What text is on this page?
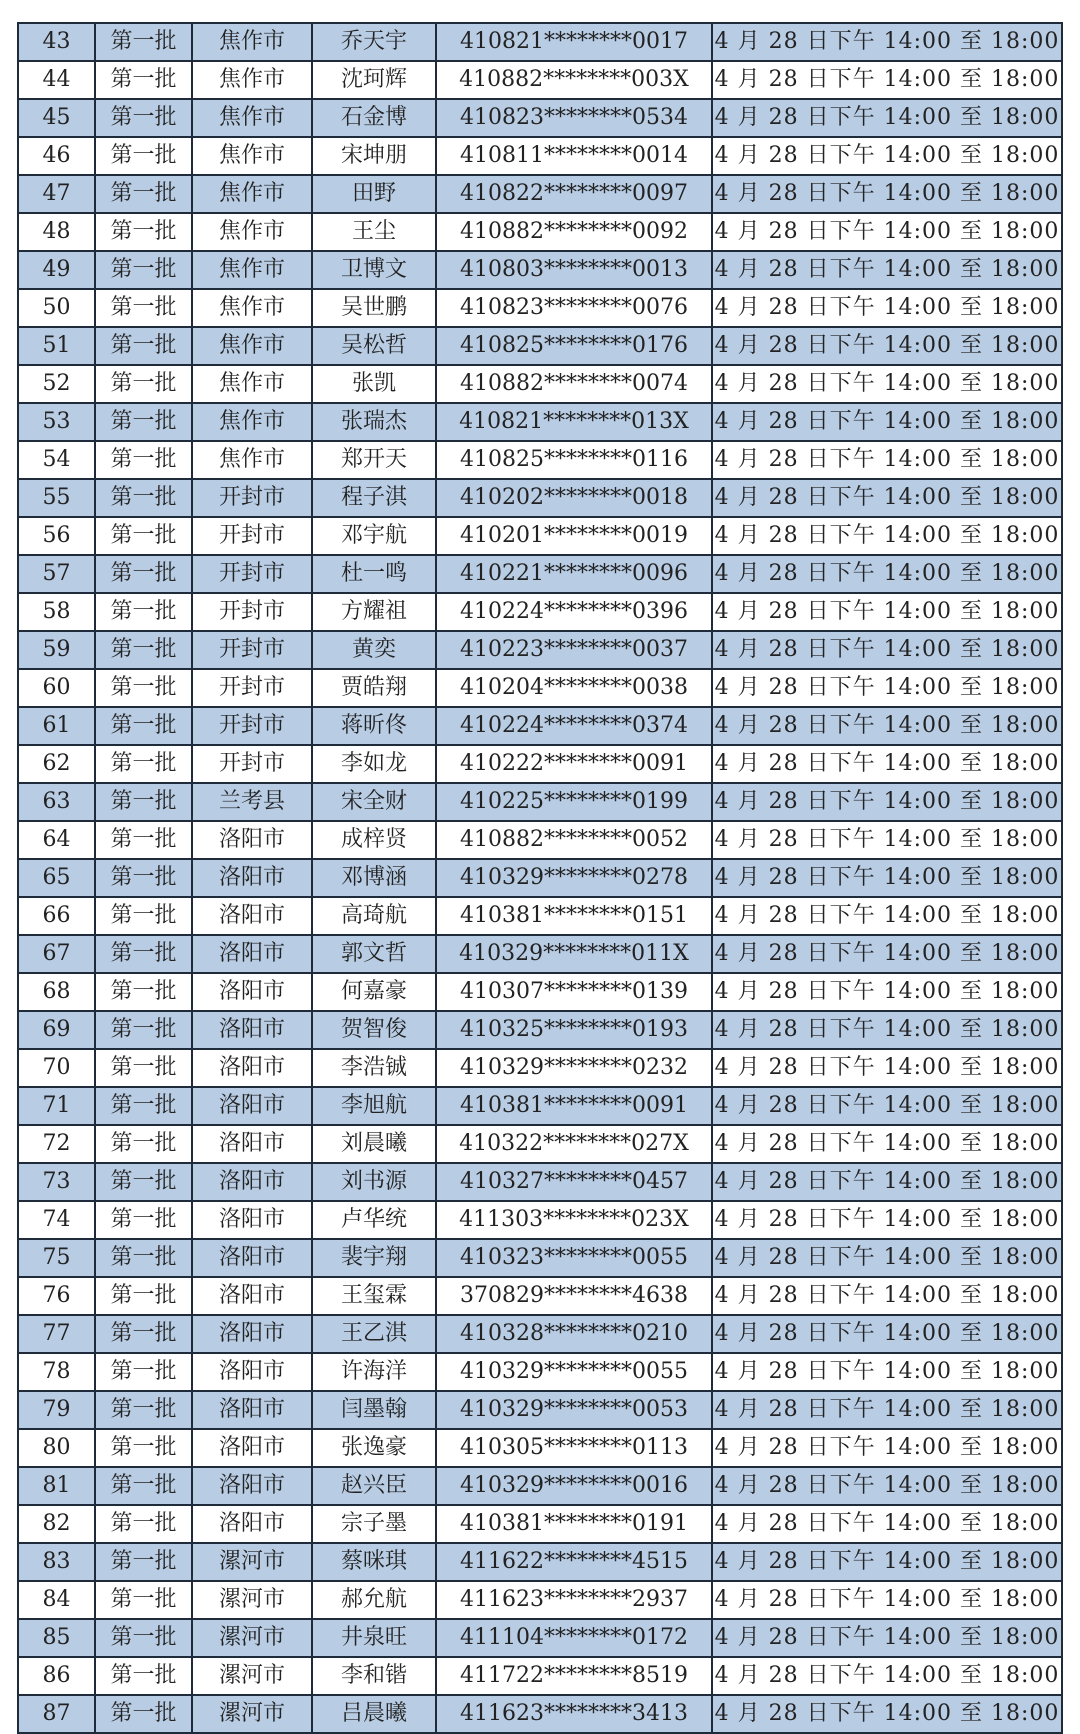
43	第一批	焦作市	乔天宇	410821********0017	4 月 28 日下午 14:00 至 18:00
44	第一批	焦作市	沈珂辉	410882********003X	4 月 28 日下午 14:00 至 18:00
45	第一批	焦作市	石金博	410823********0534	4 月 28 日下午 14:00 至 18:00
46	第一批	焦作市	宋坤朋	410811********0014	4 月 28 日下午 14:00 至 18:00
47	第一批	焦作市	田野	410822********0097	4 月 28 日下午 14:00 至 18:00
48	第一批	焦作市	王尘	410882********0092	4 月 28 日下午 14:00 至 18:00
49	第一批	焦作市	卫博文	410803********0013	4 月 28 日下午 14:00 至 18:00
50	第一批	焦作市	吴世鹏	410823********0076	4 月 28 日下午 14:00 至 18:00
51	第一批	焦作市	吴松哲	410825********0176	4 月 28 日下午 14:00 至 18:00
52	第一批	焦作市	张凯	410882********0074	4 月 28 日下午 14:00 至 18:00
53	第一批	焦作市	张瑞杰	410821********013X	4 月 28 日下午 14:00 至 18:00
54	第一批	焦作市	郑开天	410825********0116	4 月 28 日下午 14:00 至 18:00
55	第一批	开封市	程子淇	410202********0018	4 月 28 日下午 14:00 至 18:00
56	第一批	开封市	邓宇航	410201********0019	4 月 28 日下午 14:00 至 18:00
57	第一批	开封市	杜一鸣	410221********0096	4 月 28 日下午 14:00 至 18:00
58	第一批	开封市	方耀祖	410224********0396	4 月 28 日下午 14:00 至 18:00
59	第一批	开封市	黄奕	410223********0037	4 月 28 日下午 14:00 至 18:00
60	第一批	开封市	贾皓翔	410204********0038	4 月 28 日下午 14:00 至 18:00
61	第一批	开封市	蒋昕佟	410224********0374	4 月 28 日下午 14:00 至 18:00
62	第一批	开封市	李如龙	410222********0091	4 月 28 日下午 14:00 至 18:00
63	第一批	兰考县	宋全财	410225********0199	4 月 28 日下午 14:00 至 18:00
64	第一批	洛阳市	成梓贤	410882********0052	4 月 28 日下午 14:00 至 18:00
65	第一批	洛阳市	邓博涵	410329********0278	4 月 28 日下午 14:00 至 18:00
66	第一批	洛阳市	高琦航	410381********0151	4 月 28 日下午 14:00 至 18:00
67	第一批	洛阳市	郭文哲	410329********011X	4 月 28 日下午 14:00 至 18:00
68	第一批	洛阳市	何嘉豪	410307********0139	4 月 28 日下午 14:00 至 18:00
69	第一批	洛阳市	贺智俊	410325********0193	4 月 28 日下午 14:00 至 18:00
70	第一批	洛阳市	李浩铖	410329********0232	4 月 28 日下午 14:00 至 18:00
71	第一批	洛阳市	李旭航	410381********0091	4 月 28 日下午 14:00 至 18:00
72	第一批	洛阳市	刘晨曦	410322********027X	4 月 28 日下午 14:00 至 18:00
73	第一批	洛阳市	刘书源	410327********0457	4 月 28 日下午 14:00 至 18:00
74	第一批	洛阳市	卢华统	411303********023X	4 月 28 日下午 14:00 至 18:00
75	第一批	洛阳市	裴宇翔	410323********0055	4 月 28 日下午 14:00 至 18:00
76	第一批	洛阳市	王玺霖	370829********4638	4 月 28 日下午 14:00 至 18:00
77	第一批	洛阳市	王乙淇	410328********0210	4 月 28 日下午 14:00 至 18:00
78	第一批	洛阳市	许海洋	410329********0055	4 月 28 日下午 14:00 至 18:00
79	第一批	洛阳市	闫墨翰	410329********0053	4 月 28 日下午 14:00 至 18:00
80	第一批	洛阳市	张逸豪	410305********0113	4 月 28 日下午 14:00 至 18:00
81	第一批	洛阳市	赵兴臣	410329********0016	4 月 28 日下午 14:00 至 18:00
82	第一批	洛阳市	宗子墨	410381********0191	4 月 28 日下午 14:00 至 18:00
83	第一批	漯河市	蔡咪琪	411622********4515	4 月 28 日下午 14:00 至 18:00
84	第一批	漯河市	郝允航	411623********2937	4 月 28 日下午 14:00 至 18:00
85	第一批	漯河市	井泉旺	411104********0172	4 月 28 日下午 14:00 至 18:00
86	第一批	漯河市	李和锴	411722********8519	4 月 28 日下午 14:00 至 18:00
87	第一批	漯河市	吕晨曦	411623********3413	4 月 28 日下午 14:00 至 18:00
